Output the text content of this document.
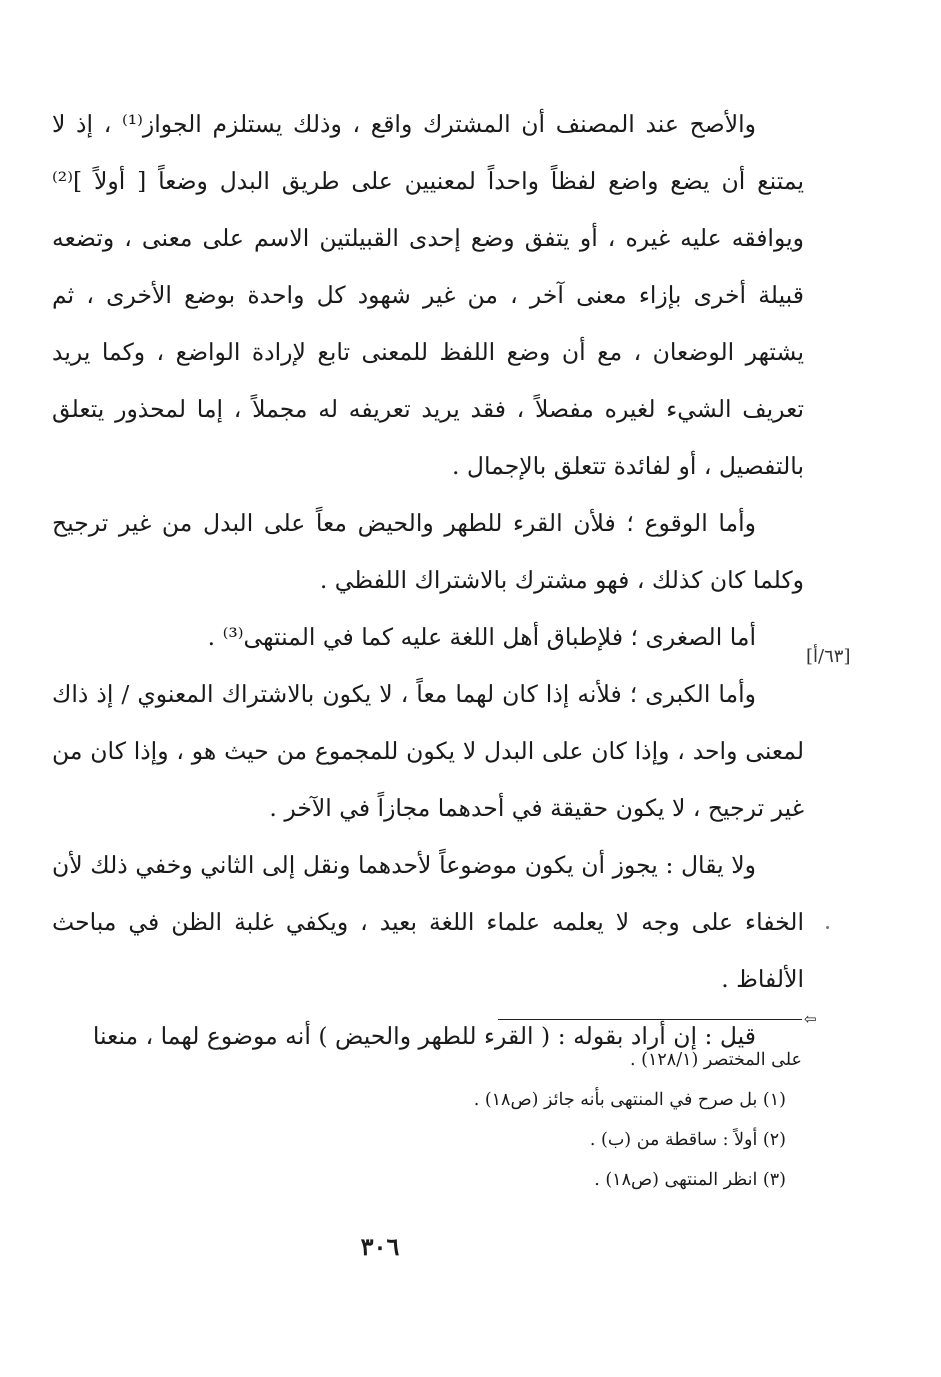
[٦٣/أ]

والأصح عند المصنف أن المشترك واقع ، وذلك يستلزم الجواز⁽¹⁾ ، إذ لا يمتنع أن يضع واضع لفظاً واحداً لمعنيين على طريق البدل وضعاً [ أولاً ]⁽²⁾ ويوافقه عليه غيره ، أو يتفق وضع إحدى القبيلتين الاسم على معنى ، وتضعه قبيلة أخرى بإزاء معنى آخر ، من غير شهود كل واحدة بوضع الأخرى ، ثم يشتهر الوضعان ، مع أن وضع اللفظ للمعنى تابع لإرادة الواضع ، وكما يريد تعريف الشيء لغيره مفصلاً ، فقد يريد تعريفه له مجملاً ، إما لمحذور يتعلق بالتفصيل ، أو لفائدة تتعلق بالإجمال .

وأما الوقوع ؛ فلأن القرء للطهر والحيض معاً على البدل من غير ترجيح وكلما كان كذلك ، فهو مشترك بالاشتراك اللفظي .

أما الصغرى ؛ فلإطباق أهل اللغة عليه كما في المنتهى⁽³⁾ .

وأما الكبرى ؛ فلأنه إذا كان لهما معاً ، لا يكون بالاشتراك المعنوي / إذ ذاك لمعنى واحد ، وإذا كان على البدل لا يكون للمجموع من حيث هو ، وإذا كان من غير ترجيح ، لا يكون حقيقة في أحدهما مجازاً في الآخر .

ولا يقال : يجوز أن يكون موضوعاً لأحدهما ونقل إلى الثاني وخفي ذلك لأن الخفاء على وجه لا يعلمه علماء اللغة بعيد ، ويكفي غلبة الظن في مباحث الألفاظ .

قيل : إن أراد بقوله : ( القرء للطهر والحيض ) أنه موضوع لهما ، منعنا

⇦

على المختصر (١٢٨/١) .

(١) بل صرح في المنتهى بأنه جائز (ص١٨) .

(٢) أولاً : ساقطة من (ب) .

(٣) انظر المنتهى (ص١٨) .

٣٠٦
